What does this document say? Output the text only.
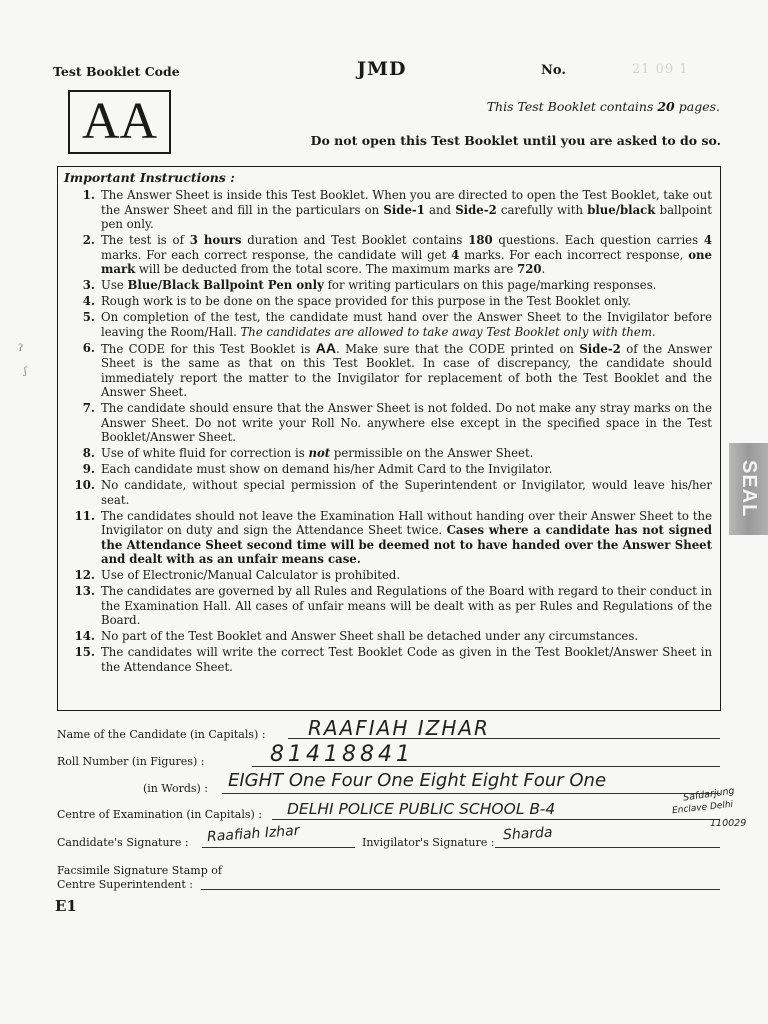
Test Booklet Code	JMD	No.	21 09 1
AA	This Test Booklet contains 20 pages.
Do not open this Test Booklet until you are asked to do so.
Important Instructions :
1. The Answer Sheet is inside this Test Booklet. When you are directed to open the Test Booklet, take out the Answer Sheet and fill in the particulars on Side-1 and Side-2 carefully with blue/black ballpoint pen only.
2. The test is of 3 hours duration and Test Booklet contains 180 questions. Each question carries 4 marks. For each correct response, the candidate will get 4 marks. For each incorrect response, one mark will be deducted from the total score. The maximum marks are 720.
3. Use Blue/Black Ballpoint Pen only for writing particulars on this page/marking responses.
4. Rough work is to be done on the space provided for this purpose in the Test Booklet only.
5. On completion of the test, the candidate must hand over the Answer Sheet to the Invigilator before leaving the Room/Hall. The candidates are allowed to take away Test Booklet only with them.
6. The CODE for this Test Booklet is AA. Make sure that the CODE printed on Side-2 of the Answer Sheet is the same as that on this Test Booklet. In case of discrepancy, the candidate should immediately report the matter to the Invigilator for replacement of both the Test Booklet and the Answer Sheet.
7. The candidate should ensure that the Answer Sheet is not folded. Do not make any stray marks on the Answer Sheet. Do not write your Roll No. anywhere else except in the specified space in the Test Booklet/Answer Sheet.
8. Use of white fluid for correction is not permissible on the Answer Sheet.
9. Each candidate must show on demand his/her Admit Card to the Invigilator.
10. No candidate, without special permission of the Superintendent or Invigilator, would leave his/her seat.
11. The candidates should not leave the Examination Hall without handing over their Answer Sheet to the Invigilator on duty and sign the Attendance Sheet twice. Cases where a candidate has not signed the Attendance Sheet second time will be deemed not to have handed over the Answer Sheet and dealt with as an unfair means case.
12. Use of Electronic/Manual Calculator is prohibited.
13. The candidates are governed by all Rules and Regulations of the Board with regard to their conduct in the Examination Hall. All cases of unfair means will be dealt with as per Rules and Regulations of the Board.
14. No part of the Test Booklet and Answer Sheet shall be detached under any circumstances.
15. The candidates will write the correct Test Booklet Code as given in the Test Booklet/Answer Sheet in the Attendance Sheet.
ʔ
ʃ
SEAL
Name of the Candidate (in Capitals) : RAAFIAH IZHAR
Roll Number (in Figures) :	81418841
(in Words) : EIGHT One Four One Eight Eight Four One
Centre of Examination (in Capitals) : DELHI POLICE PUBLIC SCHOOL B-4
Safdarjung
Enclave Delhi
110029
Candidate's Signature : Raafiah Izhar	Invigilator's Signature : Sharda
Facsimile Signature Stamp of
Centre Superintendent :
E1
